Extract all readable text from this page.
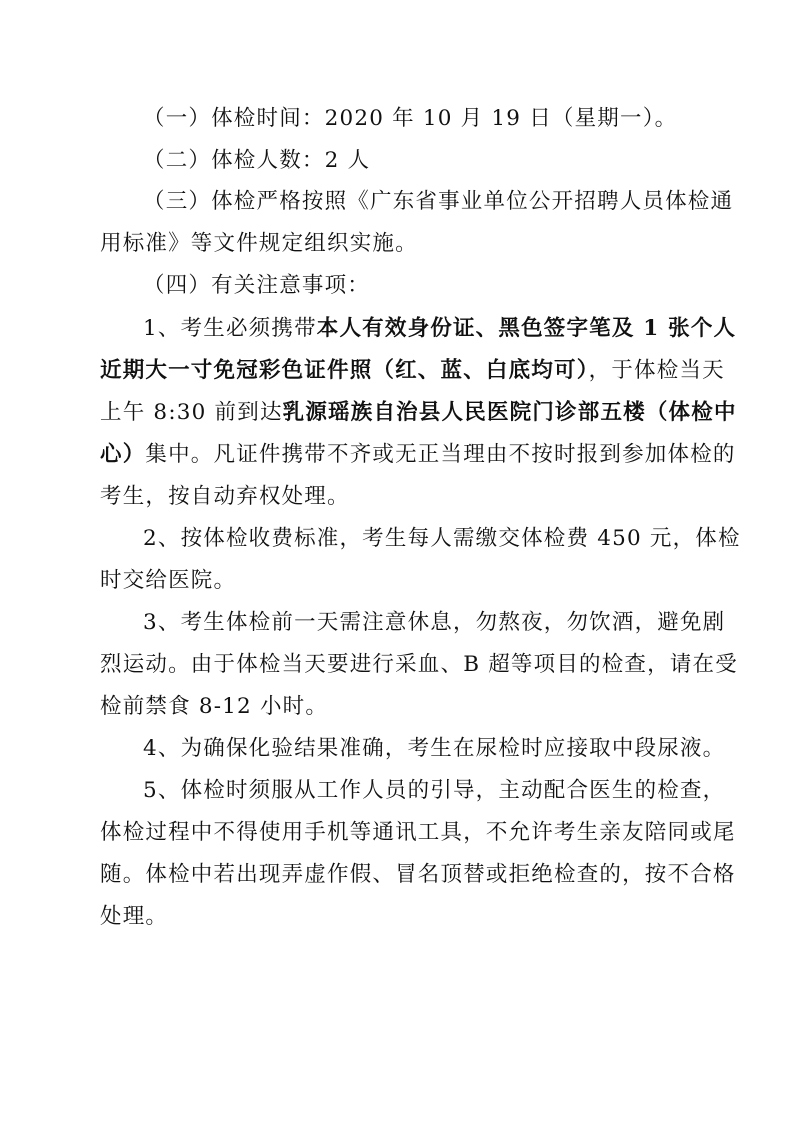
（一）体检时间：2020 年 10 月 19 日（星期一）。
（二）体检人数：2 人
（三）体检严格按照《广东省事业单位公开招聘人员体检通
用标准》等文件规定组织实施。
（四）有关注意事项：
1、考生必须携带本人有效身份证、黑色签字笔及 1 张个人
近期大一寸免冠彩色证件照（红、蓝、白底均可），于体检当天
上午 8:30 前到达乳源瑶族自治县人民医院门诊部五楼（体检中
心）集中。凡证件携带不齐或无正当理由不按时报到参加体检的
考生，按自动弃权处理。
2、按体检收费标准，考生每人需缴交体检费 450 元，体检
时交给医院。
3、考生体检前一天需注意休息，勿熬夜，勿饮酒，避免剧
烈运动。由于体检当天要进行采血、B 超等项目的检查，请在受
检前禁食 8-12 小时。
4、为确保化验结果准确，考生在尿检时应接取中段尿液。
5、体检时须服从工作人员的引导，主动配合医生的检查，
体检过程中不得使用手机等通讯工具，不允许考生亲友陪同或尾
随。体检中若出现弄虚作假、冒名顶替或拒绝检查的，按不合格
处理。
